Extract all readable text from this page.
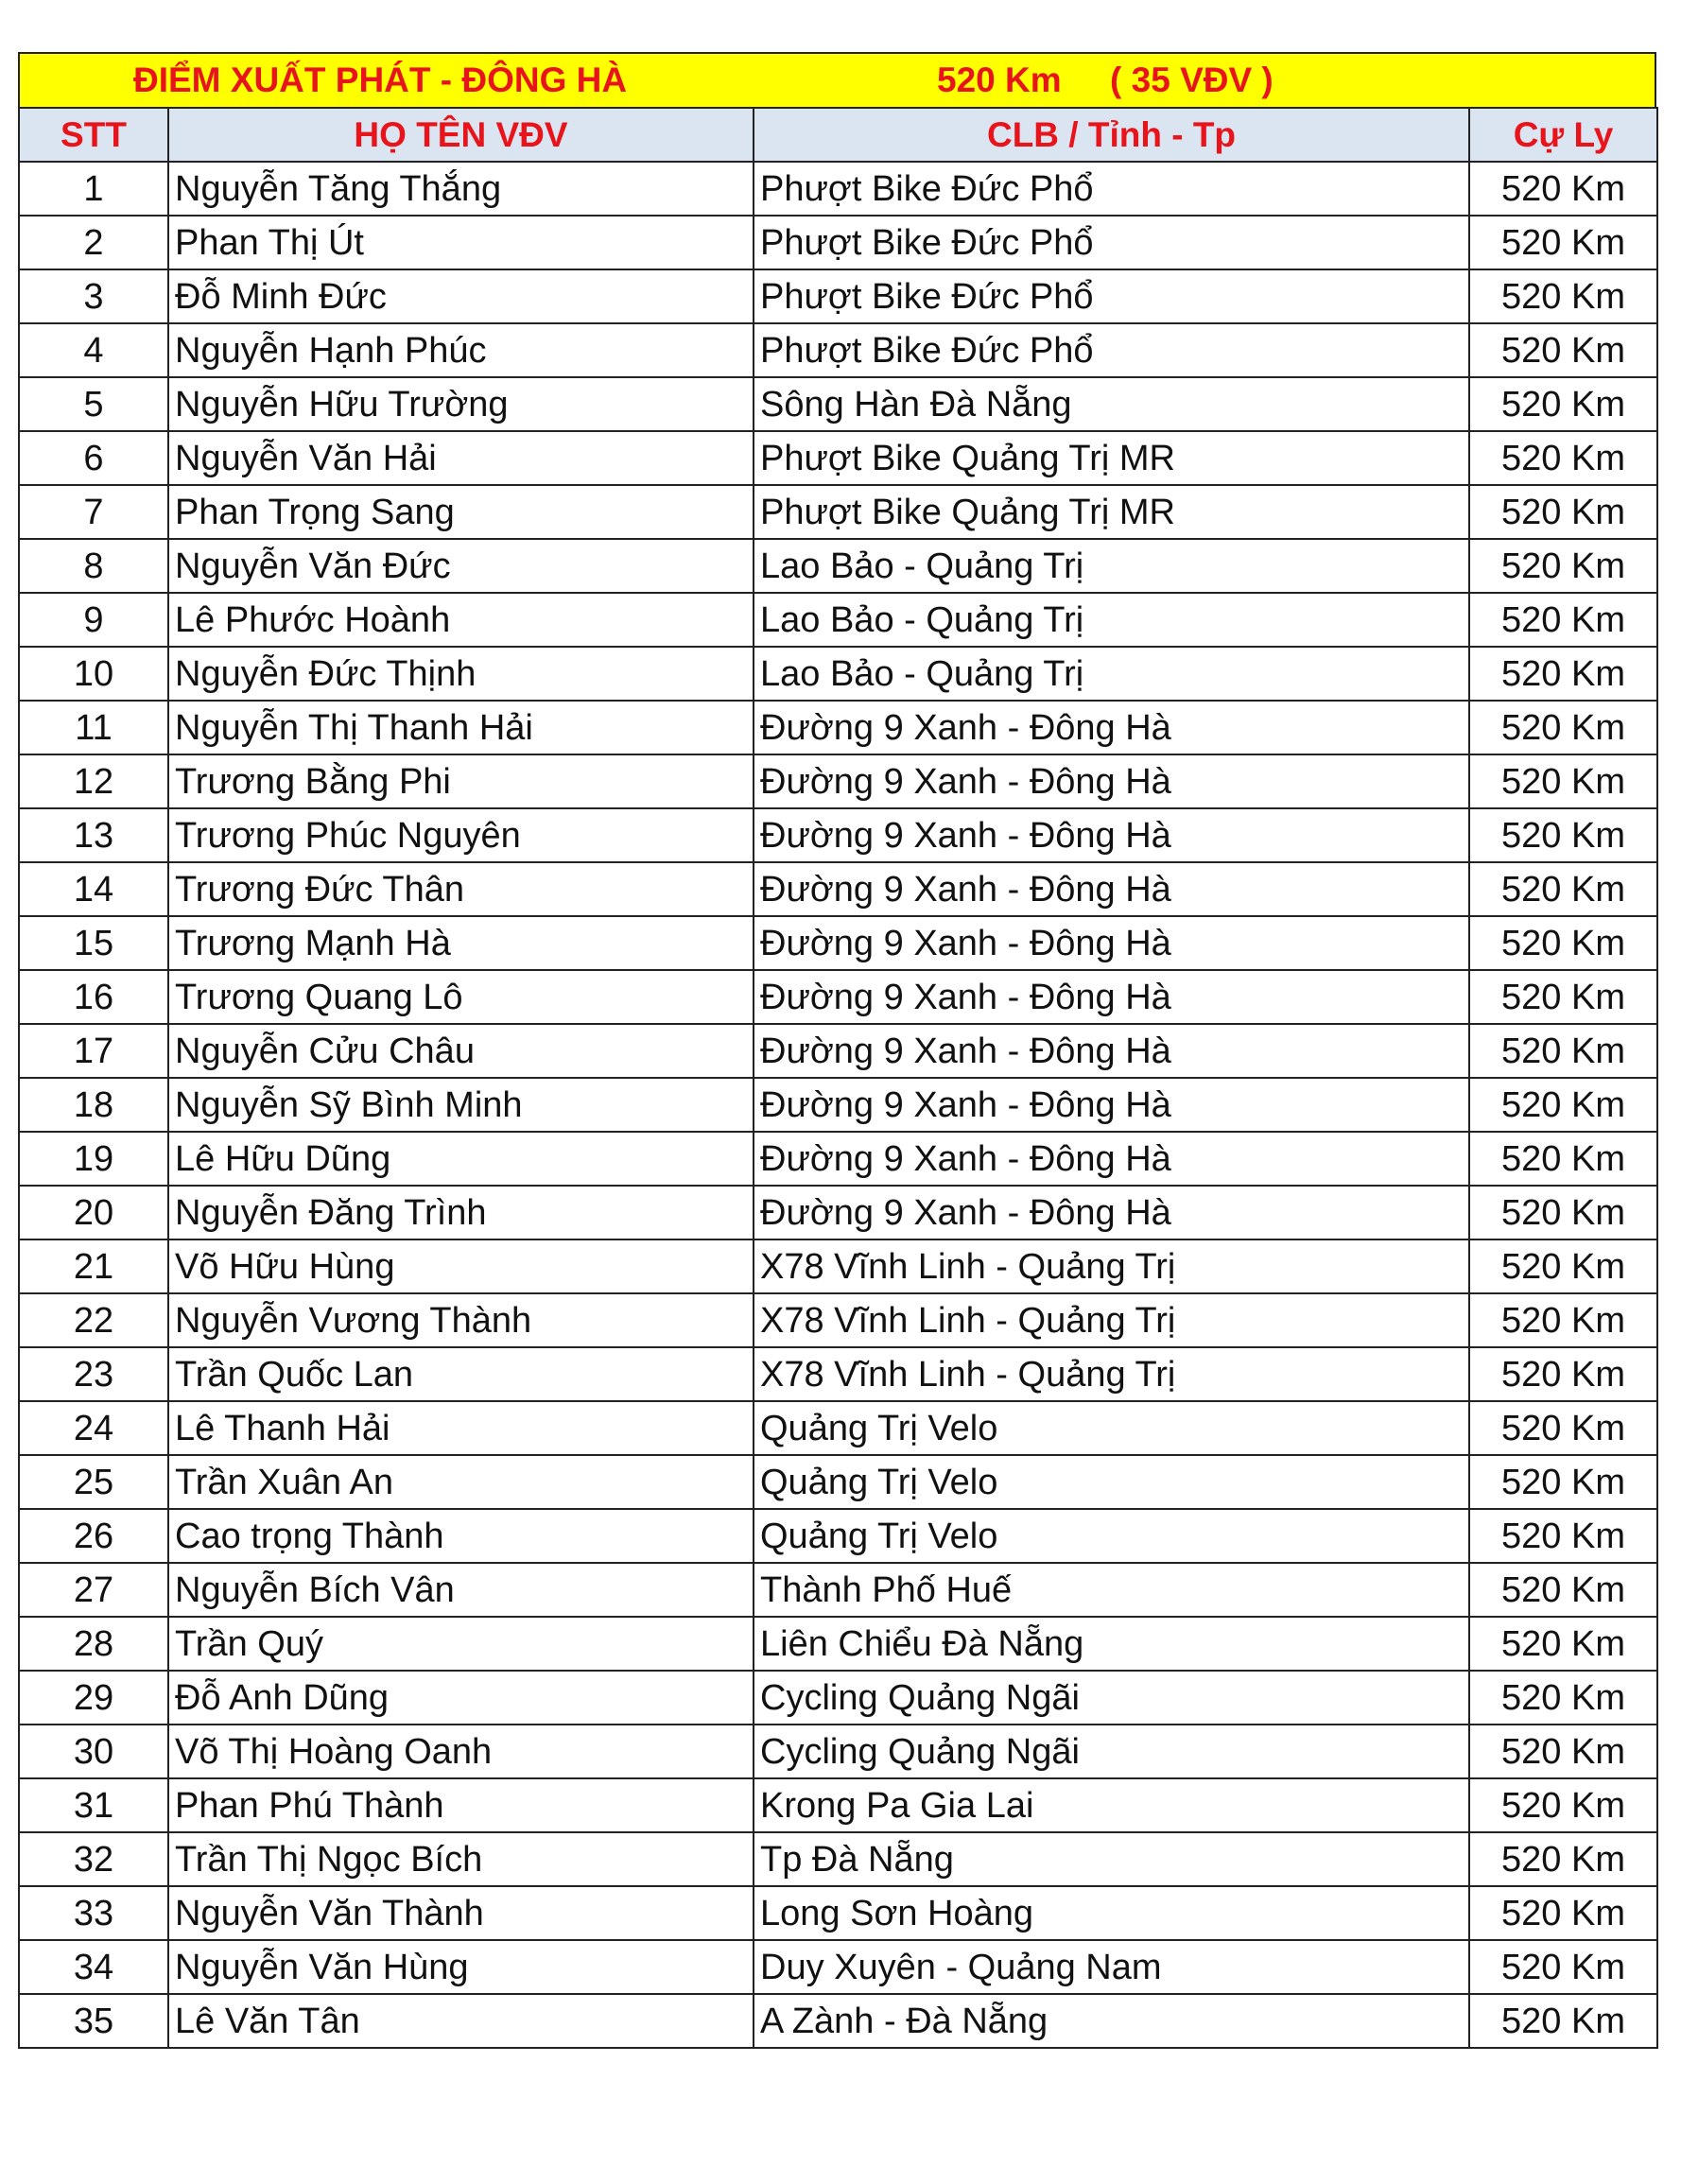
ĐIỂM XUẤT PHÁT - ĐÔNG HÀ	520 Km     ( 35 VĐV )
STT	HỌ TÊN VĐV	CLB / Tỉnh - Tp	Cự Ly
1	Nguyễn Tăng Thắng	Phượt Bike Đức Phổ	520 Km
2	Phan Thị Út	Phượt Bike Đức Phổ	520 Km
3	Đỗ Minh Đức	Phượt Bike Đức Phổ	520 Km
4	Nguyễn Hạnh Phúc	Phượt Bike Đức Phổ	520 Km
5	Nguyễn Hữu Trường	Sông Hàn Đà Nẵng	520 Km
6	Nguyễn Văn Hải	Phượt Bike Quảng Trị MR	520 Km
7	Phan Trọng Sang	Phượt Bike Quảng Trị MR	520 Km
8	Nguyễn Văn Đức	Lao Bảo - Quảng Trị	520 Km
9	Lê Phước Hoành	Lao Bảo - Quảng Trị	520 Km
10	Nguyễn Đức Thịnh	Lao Bảo - Quảng Trị	520 Km
11	Nguyễn Thị Thanh Hải	Đường 9 Xanh - Đông Hà	520 Km
12	Trương Bằng Phi	Đường 9 Xanh - Đông Hà	520 Km
13	Trương Phúc Nguyên	Đường 9 Xanh - Đông Hà	520 Km
14	Trương Đức Thân	Đường 9 Xanh - Đông Hà	520 Km
15	Trương Mạnh Hà	Đường 9 Xanh - Đông Hà	520 Km
16	Trương Quang Lô	Đường 9 Xanh - Đông Hà	520 Km
17	Nguyễn Cửu Châu	Đường 9 Xanh - Đông Hà	520 Km
18	Nguyễn Sỹ Bình Minh	Đường 9 Xanh - Đông Hà	520 Km
19	Lê Hữu Dũng	Đường 9 Xanh - Đông Hà	520 Km
20	Nguyễn Đăng Trình	Đường 9 Xanh - Đông Hà	520 Km
21	Võ Hữu Hùng	X78 Vĩnh Linh - Quảng Trị	520 Km
22	Nguyễn Vương Thành	X78 Vĩnh Linh - Quảng Trị	520 Km
23	Trần Quốc Lan	X78 Vĩnh Linh - Quảng Trị	520 Km
24	Lê Thanh Hải	Quảng Trị Velo	520 Km
25	Trần Xuân An	Quảng Trị Velo	520 Km
26	Cao trọng Thành	Quảng Trị Velo	520 Km
27	Nguyễn Bích Vân	Thành Phố Huế	520 Km
28	Trần Quý	Liên Chiểu Đà Nẵng	520 Km
29	Đỗ Anh Dũng	Cycling Quảng Ngãi	520 Km
30	Võ Thị Hoàng Oanh	Cycling Quảng Ngãi	520 Km
31	Phan Phú Thành	Krong Pa Gia Lai	520 Km
32	Trần Thị Ngọc Bích	Tp Đà Nẵng	520 Km
33	Nguyễn Văn Thành	Long Sơn Hoàng	520 Km
34	Nguyễn Văn Hùng	Duy Xuyên - Quảng Nam	520 Km
35	Lê Văn Tân	A Zành - Đà Nẵng	520 Km
